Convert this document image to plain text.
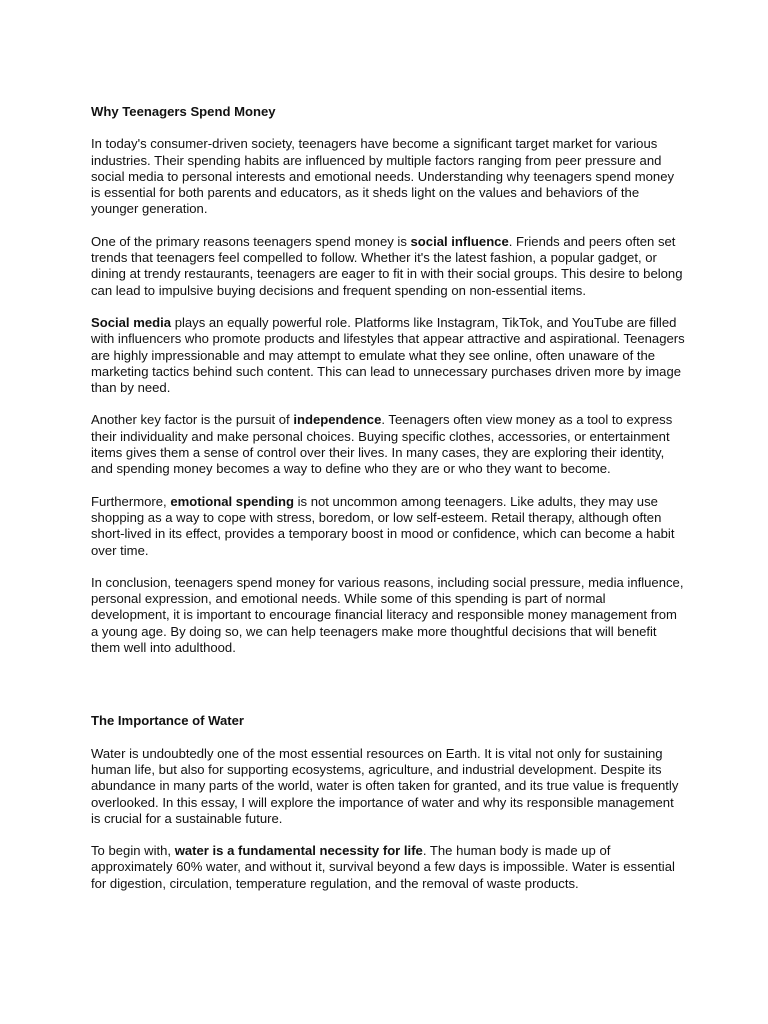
Why Teenagers Spend Money

In today's consumer-driven society, teenagers have become a significant target market for various industries. Their spending habits are influenced by multiple factors ranging from peer pressure and social media to personal interests and emotional needs. Understanding why teenagers spend money is essential for both parents and educators, as it sheds light on the values and behaviors of the younger generation.

One of the primary reasons teenagers spend money is social influence. Friends and peers often set trends that teenagers feel compelled to follow. Whether it's the latest fashion, a popular gadget, or dining at trendy restaurants, teenagers are eager to fit in with their social groups. This desire to belong can lead to impulsive buying decisions and frequent spending on non-essential items.

Social media plays an equally powerful role. Platforms like Instagram, TikTok, and YouTube are filled with influencers who promote products and lifestyles that appear attractive and aspirational. Teenagers are highly impressionable and may attempt to emulate what they see online, often unaware of the marketing tactics behind such content. This can lead to unnecessary purchases driven more by image than by need.

Another key factor is the pursuit of independence. Teenagers often view money as a tool to express their individuality and make personal choices. Buying specific clothes, accessories, or entertainment items gives them a sense of control over their lives. In many cases, they are exploring their identity, and spending money becomes a way to define who they are or who they want to become.

Furthermore, emotional spending is not uncommon among teenagers. Like adults, they may use shopping as a way to cope with stress, boredom, or low self-esteem. Retail therapy, although often short-lived in its effect, provides a temporary boost in mood or confidence, which can become a habit over time.

In conclusion, teenagers spend money for various reasons, including social pressure, media influence, personal expression, and emotional needs. While some of this spending is part of normal development, it is important to encourage financial literacy and responsible money management from a young age. By doing so, we can help teenagers make more thoughtful decisions that will benefit them well into adulthood.

The Importance of Water

Water is undoubtedly one of the most essential resources on Earth. It is vital not only for sustaining human life, but also for supporting ecosystems, agriculture, and industrial development. Despite its abundance in many parts of the world, water is often taken for granted, and its true value is frequently overlooked. In this essay, I will explore the importance of water and why its responsible management is crucial for a sustainable future.

To begin with, water is a fundamental necessity for life. The human body is made up of approximately 60% water, and without it, survival beyond a few days is impossible. Water is essential for digestion, circulation, temperature regulation, and the removal of waste products.
